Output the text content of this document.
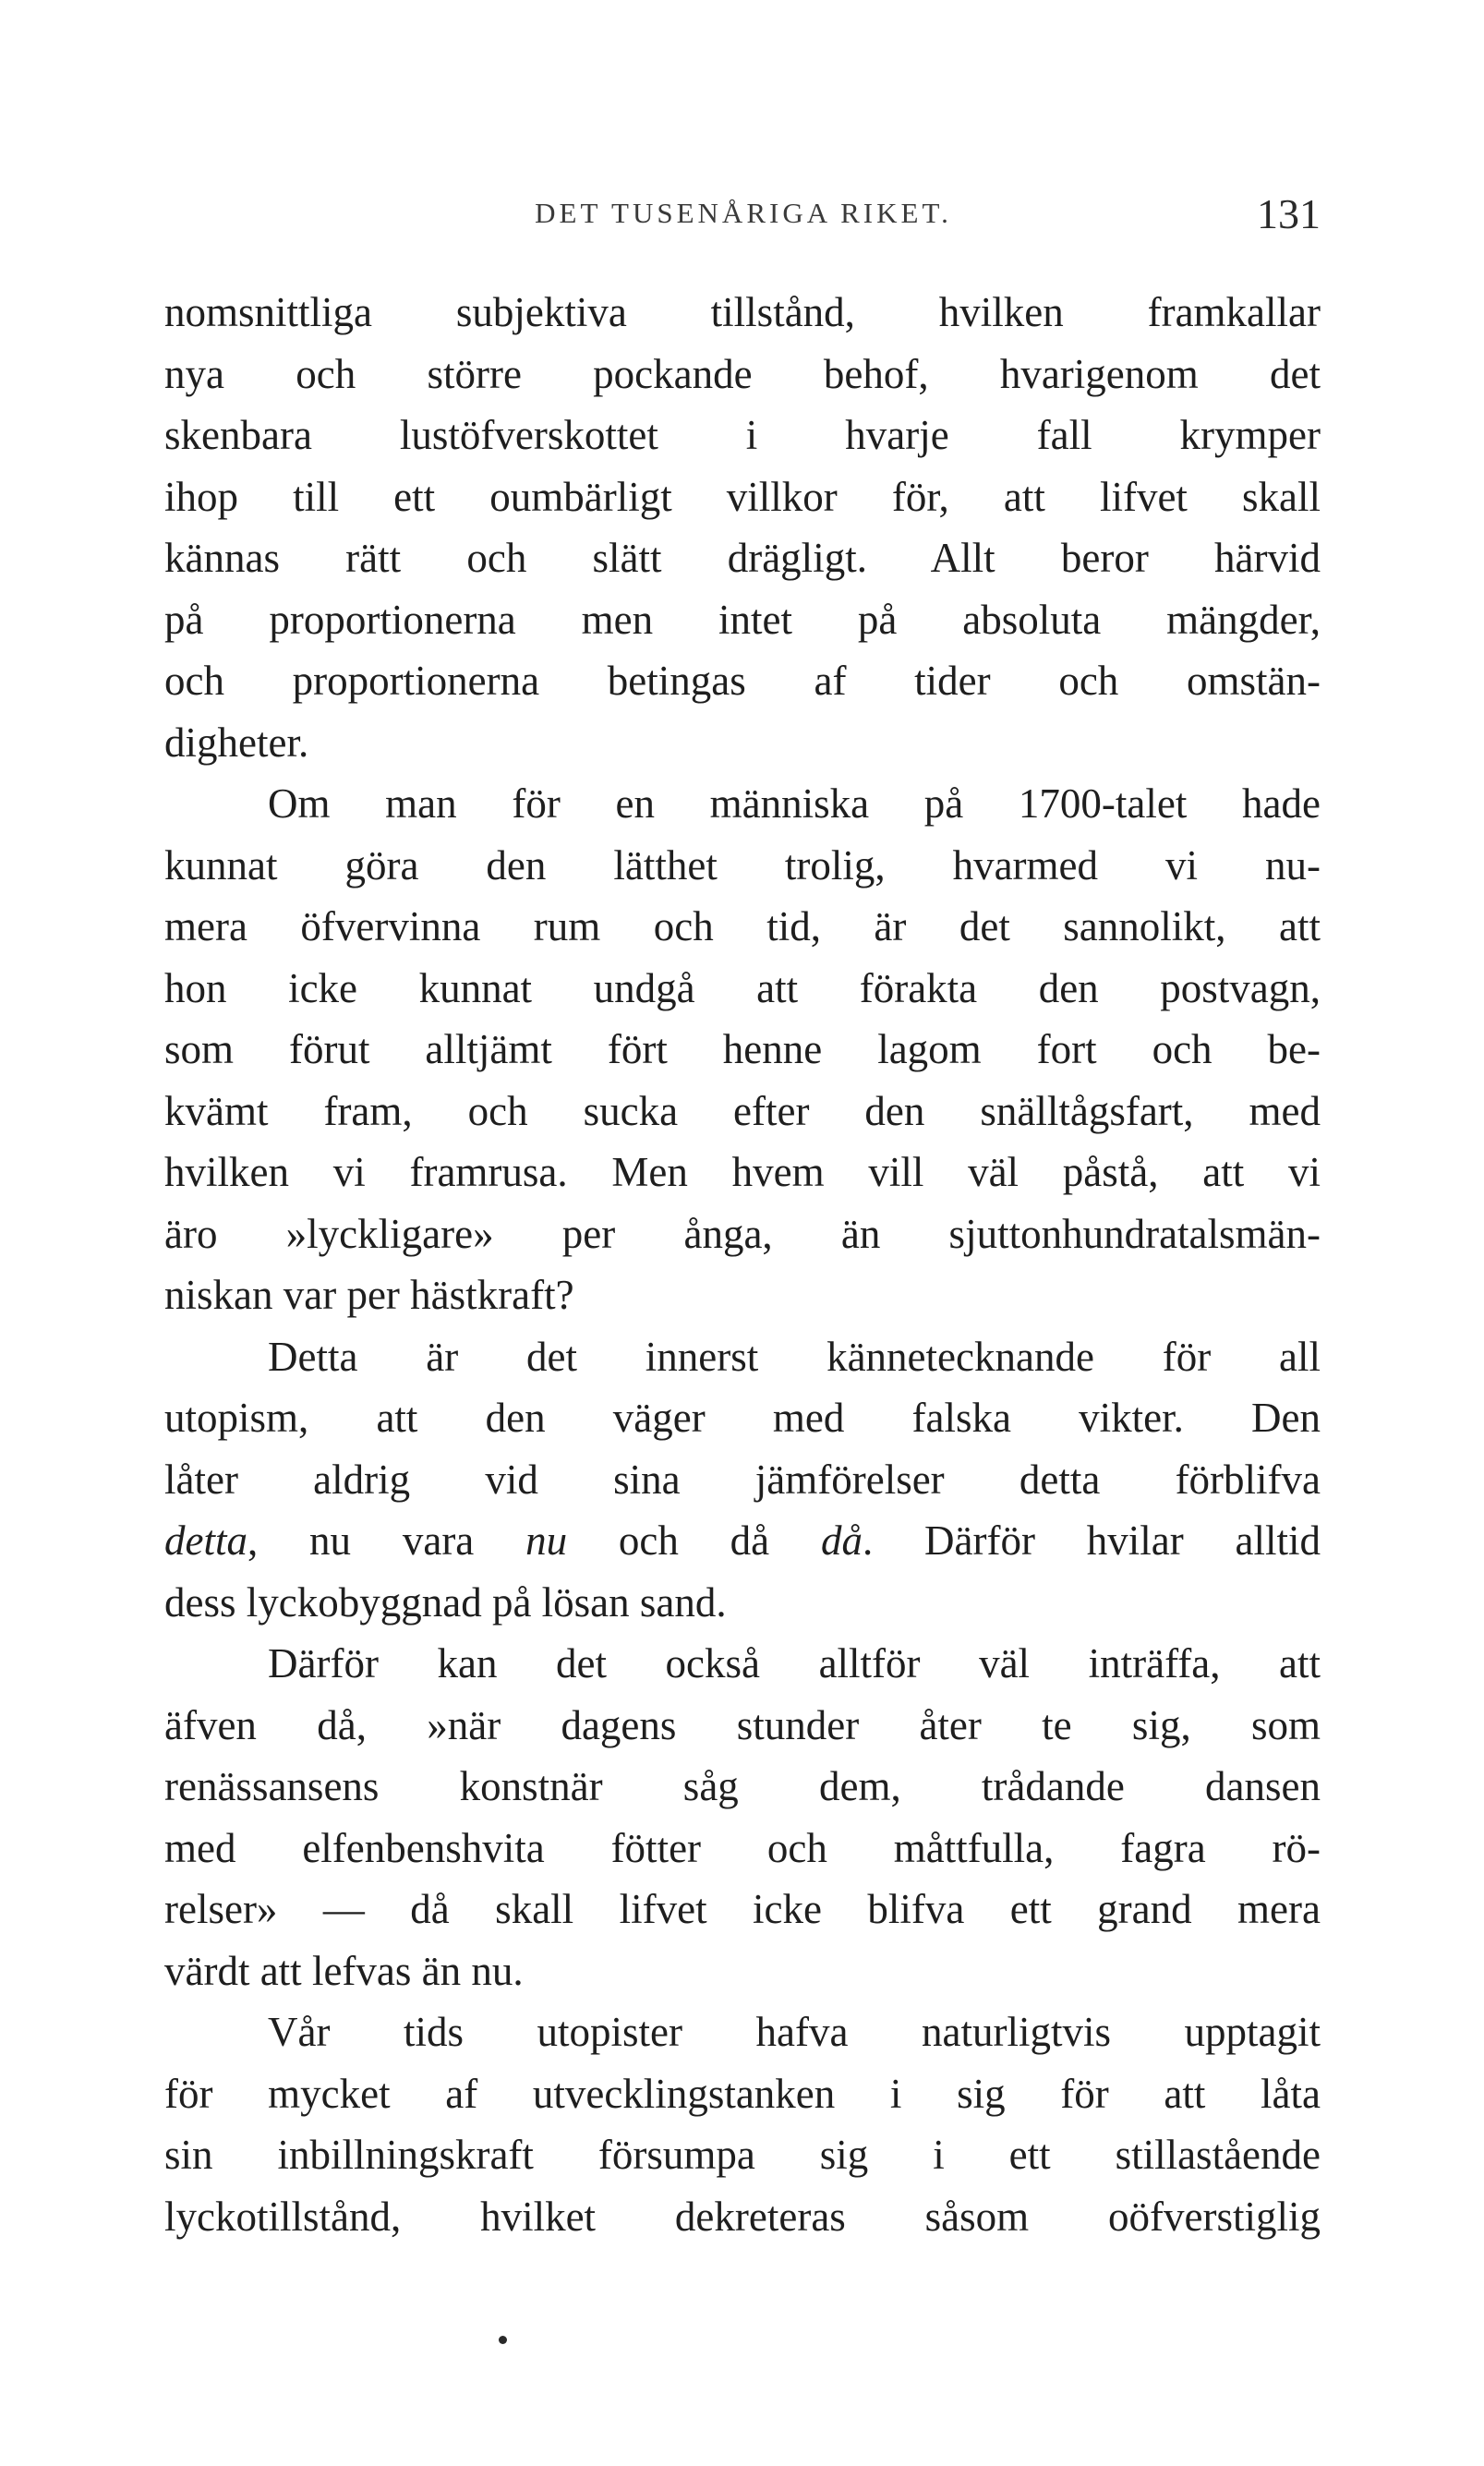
DET TUSENÅRIGA RIKET.	131
nomsnittliga subjektiva tillstånd, hvilken framkallar
nya och större pockande behof, hvarigenom det
skenbara lustöfverskottet i hvarje fall krymper
ihop till ett oumbärligt villkor för, att lifvet skall
kännas rätt och slätt drägligt. Allt beror härvid
på proportionerna men intet på absoluta mängder,
och proportionerna betingas af tider och omstän-
digheter.
Om man för en människa på 1700-talet hade
kunnat göra den lätthet trolig, hvarmed vi nu-
mera öfvervinna rum och tid, är det sannolikt, att
hon icke kunnat undgå att förakta den postvagn,
som förut alltjämt fört henne lagom fort och be-
kvämt fram, och sucka efter den snälltågsfart, med
hvilken vi framrusa. Men hvem vill väl påstå, att vi
äro »lyckligare» per ånga, än sjuttonhundratalsmän-
niskan var per hästkraft?
Detta är det innerst kännetecknande för all
utopism, att den väger med falska vikter. Den
låter aldrig vid sina jämförelser detta förblifva
detta, nu vara nu och då då. Därför hvilar alltid
dess lyckobyggnad på lösan sand.
Därför kan det också alltför väl inträffa, att
äfven då, »när dagens stunder åter te sig, som
renässansens konstnär såg dem, trådande dansen
med elfenbenshvita fötter och måttfulla, fagra rö-
relser» — då skall lifvet icke blifva ett grand mera
värdt att lefvas än nu.
Vår tids utopister hafva naturligtvis upptagit
för mycket af utvecklingstanken i sig för att låta
sin inbillningskraft försumpa sig i ett stillastående
lyckotillstånd, hvilket dekreteras såsom oöfverstiglig
